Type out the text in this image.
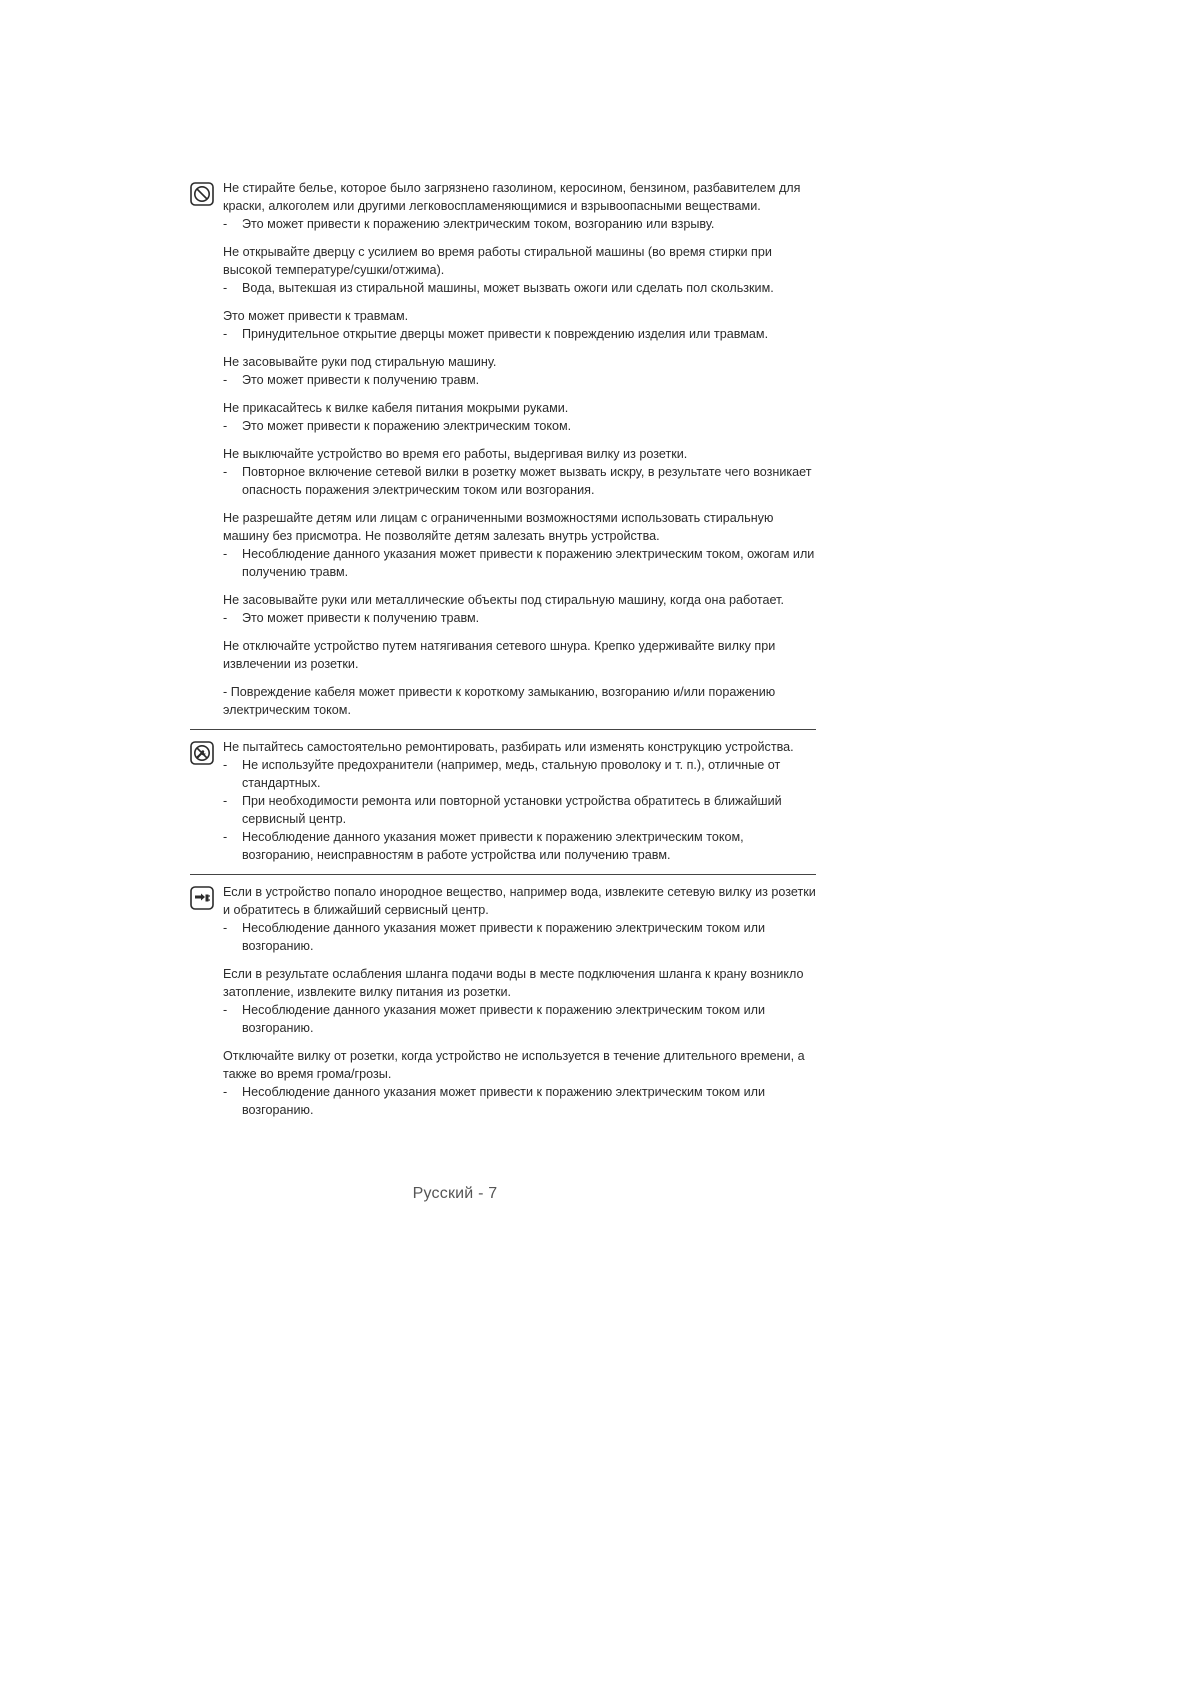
Не стирайте белье, которое было загрязнено газолином, керосином, бензином, разбавителем для краски, алкоголем или другими легковоспламеняющимися и взрывоопасными веществами.

- Это может привести к поражению электрическим током, возгоранию или взрыву.

Не открывайте дверцу с усилием во время работы стиральной машины (во время стирки при высокой температуре/сушки/отжима).

- Вода, вытекшая из стиральной машины, может вызвать ожоги или сделать пол скользким.

Это может привести к травмам.

- Принудительное открытие дверцы может привести к повреждению изделия или травмам.

Не засовывайте руки под стиральную машину.

- Это может привести к получению травм.

Не прикасайтесь к вилке кабеля питания мокрыми руками.

- Это может привести к поражению электрическим током.

Не выключайте устройство во время его работы, выдергивая вилку из розетки.

- Повторное включение сетевой вилки в розетку может вызвать искру, в результате чего возникает опасность поражения электрическим током или возгорания.

Не разрешайте детям или лицам с ограниченными возможностями использовать стиральную машину без присмотра. Не позволяйте детям залезать внутрь устройства.

- Несоблюдение данного указания может привести к поражению электрическим током, ожогам или получению травм.

Не засовывайте руки или металлические объекты под стиральную машину, когда она работает.

- Это может привести к получению травм.

Не отключайте устройство путем натягивания сетевого шнура. Крепко удерживайте вилку при извлечении из розетки.

- Повреждение кабеля может привести к короткому замыканию, возгоранию и/или поражению электрическим током.

Не пытайтесь самостоятельно ремонтировать, разбирать или изменять конструкцию устройства.

- Не используйте предохранители (например, медь, стальную проволоку и т. п.), отличные от стандартных.

- При необходимости ремонта или повторной установки устройства обратитесь в ближайший сервисный центр.

- Несоблюдение данного указания может привести к поражению электрическим током, возгоранию, неисправностям в работе устройства или получению травм.

Если в устройство попало инородное вещество, например вода, извлеките сетевую вилку из розетки и обратитесь в ближайший сервисный центр.

- Несоблюдение данного указания может привести к поражению электрическим током или возгоранию.

Если в результате ослабления шланга подачи воды в месте подключения шланга к крану возникло затопление, извлеките вилку питания из розетки.

- Несоблюдение данного указания может привести к поражению электрическим током или возгоранию.

Отключайте вилку от розетки, когда устройство не используется в течение длительного времени, а также во время грома/грозы.

- Несоблюдение данного указания может привести к поражению электрическим током или возгоранию.

Русский - 7
